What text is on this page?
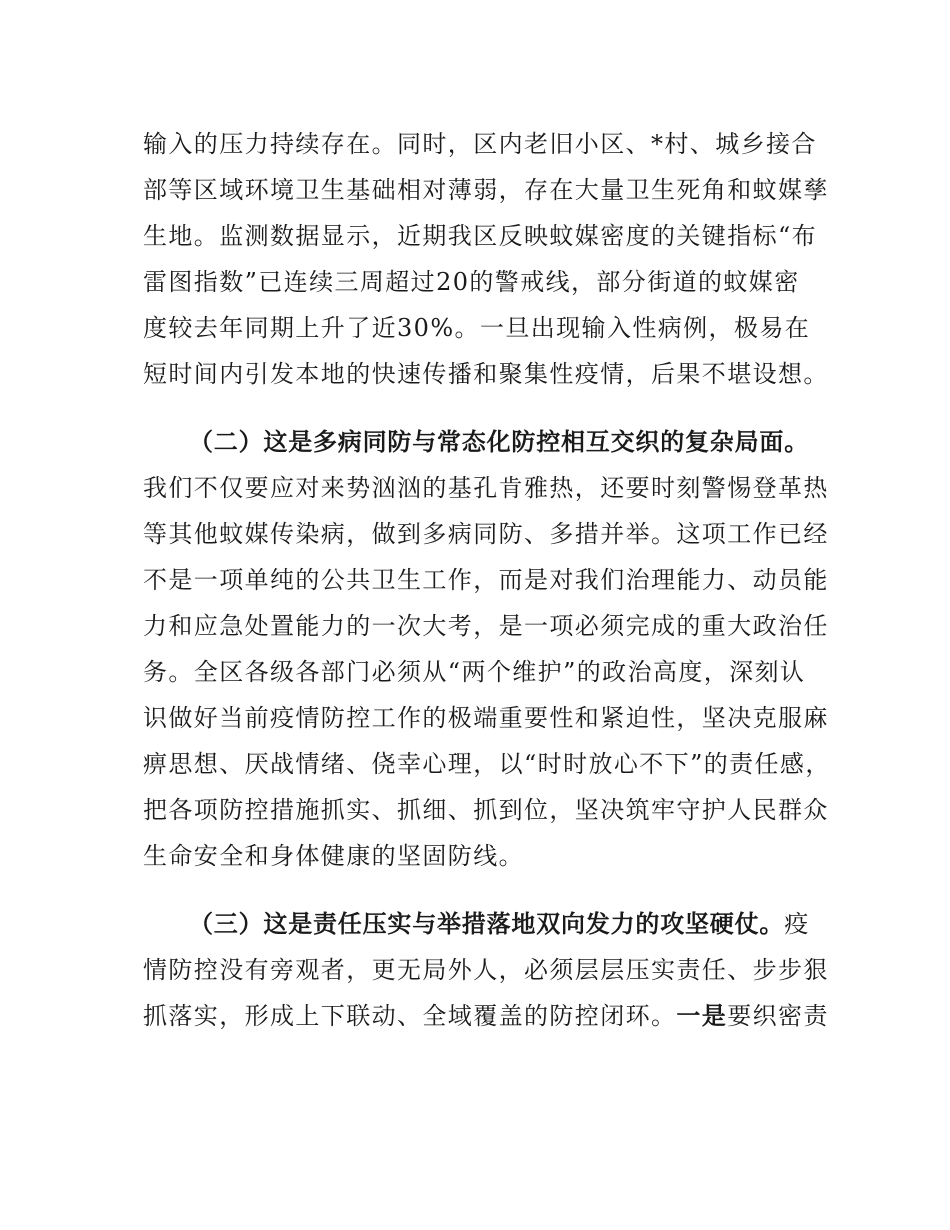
输入的压力持续存在。同时，区内老旧小区、*村、城乡接合
部等区域环境卫生基础相对薄弱，存在大量卫生死角和蚊媒孳
生地。监测数据显示，近期我区反映蚊媒密度的关键指标“布
雷图指数”已连续三周超过20的警戒线，部分街道的蚊媒密
度较去年同期上升了近30%。一旦出现输入性病例，极易在
短时间内引发本地的快速传播和聚集性疫情，后果不堪设想。
（二）这是多病同防与常态化防控相互交织的复杂局面。
我们不仅要应对来势汹汹的基孔肯雅热，还要时刻警惕登革热
等其他蚊媒传染病，做到多病同防、多措并举。这项工作已经
不是一项单纯的公共卫生工作，而是对我们治理能力、动员能
力和应急处置能力的一次大考，是一项必须完成的重大政治任
务。全区各级各部门必须从“两个维护”的政治高度，深刻认
识做好当前疫情防控工作的极端重要性和紧迫性，坚决克服麻
痹思想、厌战情绪、侥幸心理，以“时时放心不下”的责任感，
把各项防控措施抓实、抓细、抓到位，坚决筑牢守护人民群众
生命安全和身体健康的坚固防线。
（三）这是责任压实与举措落地双向发力的攻坚硬仗。疫
情防控没有旁观者，更无局外人，必须层层压实责任、步步狠
抓落实，形成上下联动、全域覆盖的防控闭环。一是要织密责
